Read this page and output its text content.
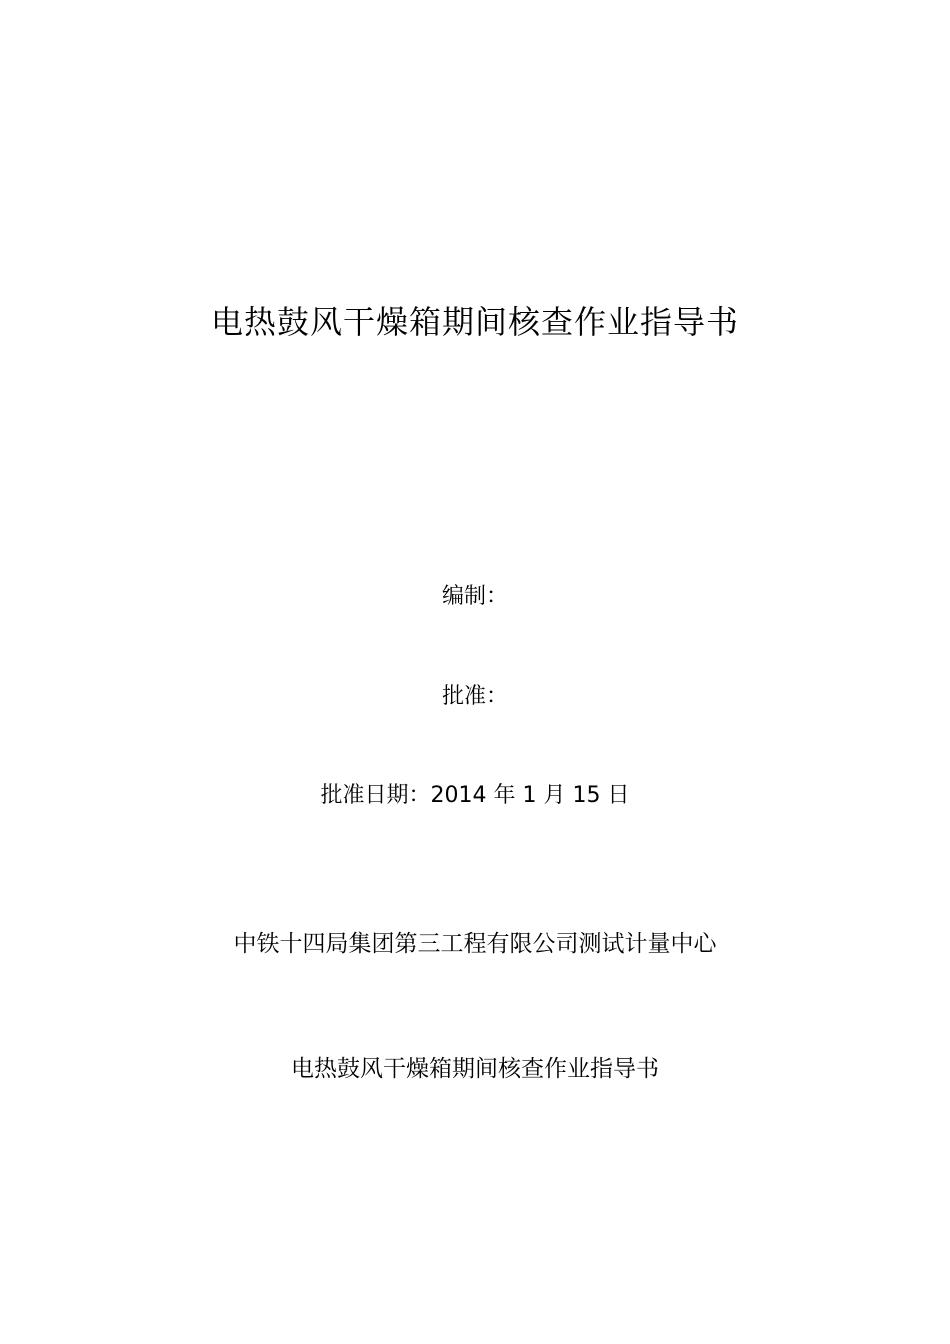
电热鼓风干燥箱期间核查作业指导书
编制：
批准：
批准日期：2014 年 1 月 15 日
中铁十四局集团第三工程有限公司测试计量中心
电热鼓风干燥箱期间核查作业指导书
